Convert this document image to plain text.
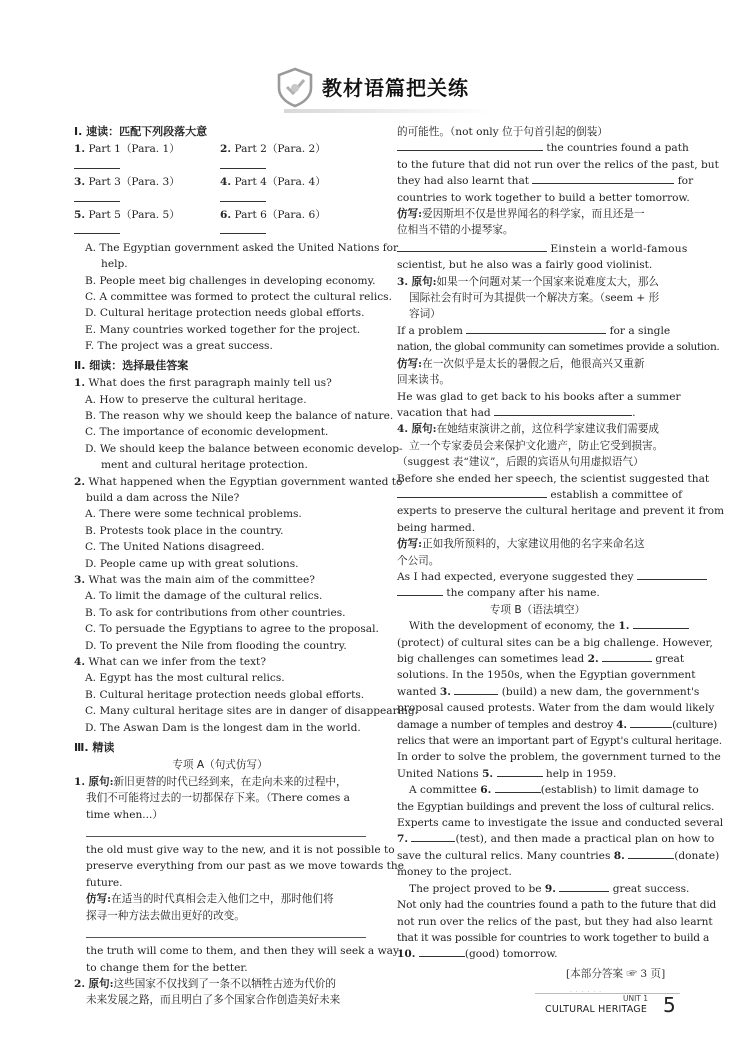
教材语篇把关练
Ⅰ. 速读：匹配下列段落大意
1. Part 1（Para. 1）	2. Part 2（Para. 2）
3. Part 3（Para. 3）	4. Part 4（Para. 4）
5. Part 5（Para. 5）	6. Part 6（Para. 6）
A. The Egyptian government asked the United Nations for
help.
B. People meet big challenges in developing economy.
C. A committee was formed to protect the cultural relics.
D. Cultural heritage protection needs global efforts.
E. Many countries worked together for the project.
F. The project was a great success.
Ⅱ. 细读：选择最佳答案
1. What does the first paragraph mainly tell us?
A. How to preserve the cultural heritage.
B. The reason why we should keep the balance of nature.
C. The importance of economic development.
D. We should keep the balance between economic develop-
ment and cultural heritage protection.
2. What happened when the Egyptian government wanted to
build a dam across the Nile?
A. There were some technical problems.
B. Protests took place in the country.
C. The United Nations disagreed.
D. People came up with great solutions.
3. What was the main aim of the committee?
A. To limit the damage of the cultural relics.
B. To ask for contributions from other countries.
C. To persuade the Egyptians to agree to the proposal.
D. To prevent the Nile from flooding the country.
4. What can we infer from the text?
A. Egypt has the most cultural relics.
B. Cultural heritage protection needs global efforts.
C. Many cultural heritage sites are in danger of disappearing.
D. The Aswan Dam is the longest dam in the world.
Ⅲ. 精读
专项 A（句式仿写）
1. 原句:新旧更替的时代已经到来，在走向未来的过程中，
我们不可能将过去的一切都保存下来。（There comes a
time when...）
the old must give way to the new, and it is not possible to
preserve everything from our past as we move towards the
future.
仿写:在适当的时代真相会走入他们之中，那时他们将
探寻一种方法去做出更好的改变。
the truth will come to them, and then they will seek a way
to change them for the better.
2. 原句:这些国家不仅找到了一条不以牺牲古迹为代价的
未来发展之路，而且明白了多个国家合作创造美好未来
的可能性。（not only 位于句首引起的倒装）
the countries found a path
to the future that did not run over the relics of the past, but
they had also learnt that	for
countries to work together to build a better tomorrow.
仿写:爱因斯坦不仅是世界闻名的科学家，而且还是一
位相当不错的小提琴家。
Einstein a world-famous
scientist, but he also was a fairly good violinist.
3. 原句:如果一个问题对某一个国家来说难度太大，那么
国际社会有时可为其提供一个解决方案。（seem + 形
容词）
If a problem	for a single
nation, the global community can sometimes provide a solution.
仿写:在一次似乎是太长的暑假之后，他很高兴又重新
回来读书。
He was glad to get back to his books after a summer
vacation that had	.
4. 原句:在她结束演讲之前，这位科学家建议我们需要成
立一个专家委员会来保护文化遗产，防止它受到损害。
（suggest 表“建议”，后跟的宾语从句用虚拟语气）
Before she ended her speech, the scientist suggested that
establish a committee of
experts to preserve the cultural heritage and prevent it from
being harmed.
仿写:正如我所预料的，大家建议用他的名字来命名这
个公司。
As I had expected, everyone suggested they
the company after his name.
专项 B（语法填空）
With the development of economy, the 1.
(protect) of cultural sites can be a big challenge. However,
big challenges can sometimes lead 2.	great
solutions. In the 1950s, when the Egyptian government
wanted 3.	(build) a new dam, the government's
proposal caused protests. Water from the dam would likely
damage a number of temples and destroy 4.	(culture)
relics that were an important part of Egypt's cultural heritage.
In order to solve the problem, the government turned to the
United Nations 5.	help in 1959.
A committee 6.	(establish) to limit damage to
the Egyptian buildings and prevent the loss of cultural relics.
Experts came to investigate the issue and conducted several
7.	(test), and then made a practical plan on how to
save the cultural relics. Many countries 8.	(donate)
money to the project.
The project proved to be 9.	great success.
Not only had the countries found a path to the future that did
not run over the relics of the past, but they had also learnt
that it was possible for countries to work together to build a
10.	(good) tomorrow.
[本部分答案 ☞ 3 页]
· · · · · ·
UNIT 1
CULTURAL HERITAGE 5
